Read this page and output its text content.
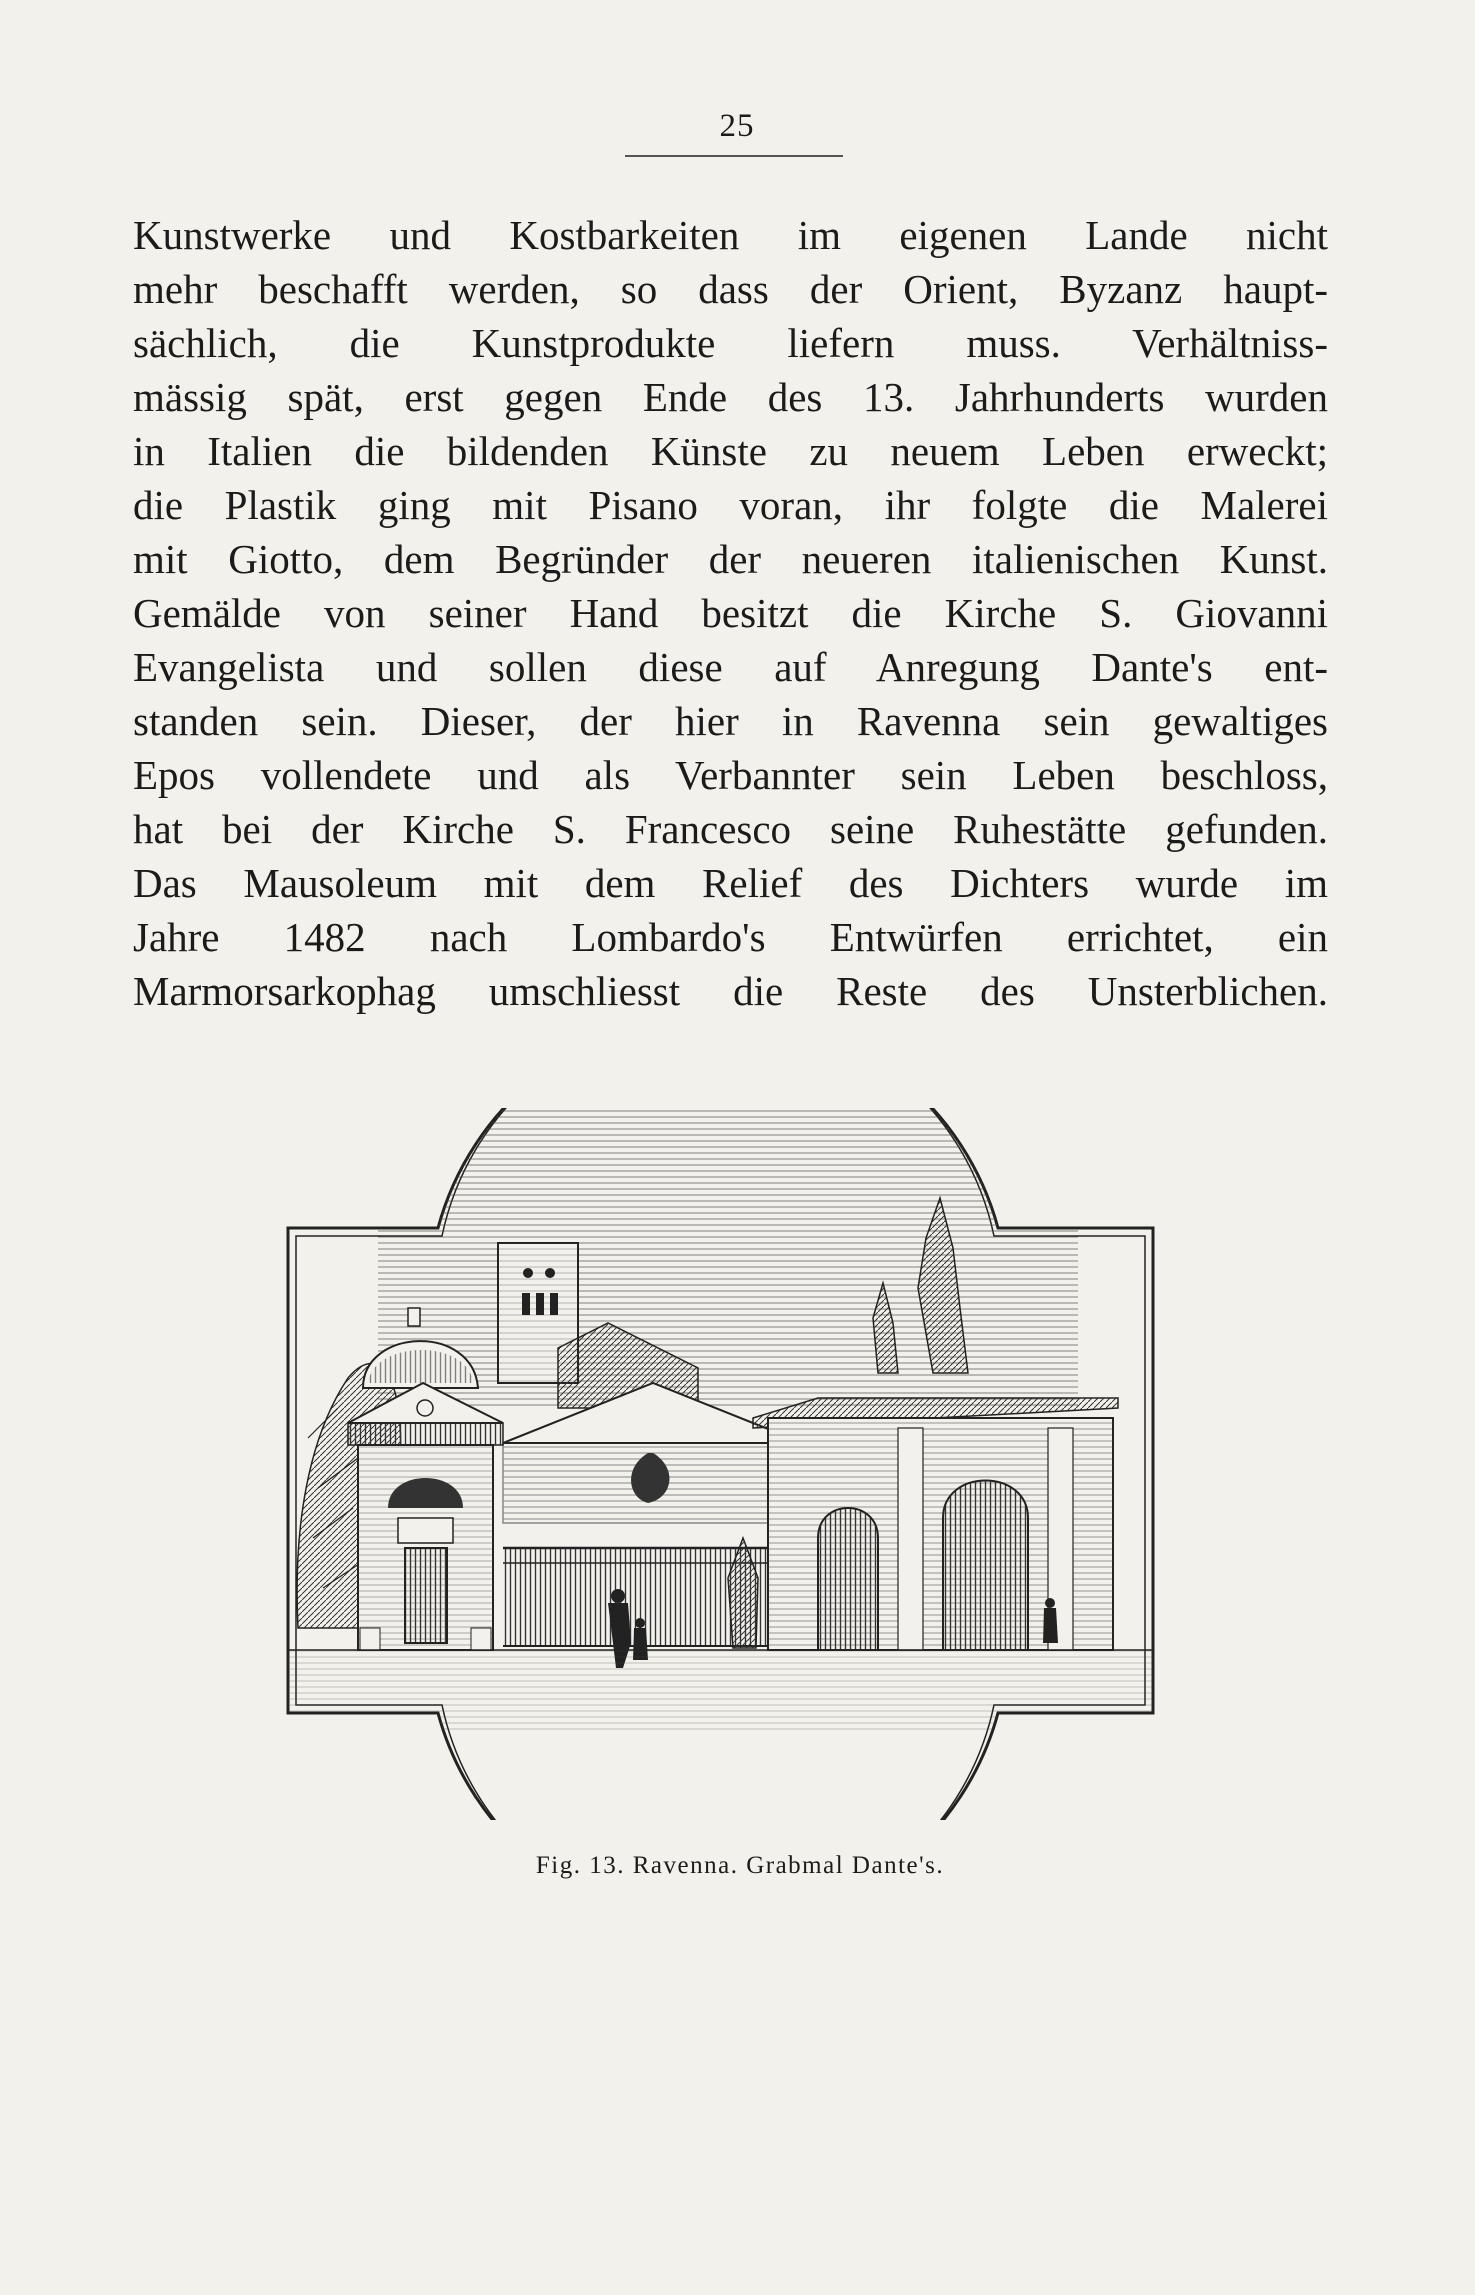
25
Kunstwerke und Kostbarkeiten im eigenen Lande nicht
mehr beschafft werden, so dass der Orient, Byzanz haupt-
sächlich, die Kunstprodukte liefern muss. Verhältniss-
mässig spät, erst gegen Ende des 13. Jahrhunderts wurden
in Italien die bildenden Künste zu neuem Leben erweckt;
die Plastik ging mit Pisano voran, ihr folgte die Malerei
mit Giotto, dem Begründer der neueren italienischen Kunst.
Gemälde von seiner Hand besitzt die Kirche S. Giovanni
Evangelista und sollen diese auf Anregung Dante's ent-
standen sein. Dieser, der hier in Ravenna sein gewaltiges
Epos vollendete und als Verbannter sein Leben beschloss,
hat bei der Kirche S. Francesco seine Ruhestätte gefunden.
Das Mausoleum mit dem Relief des Dichters wurde im
Jahre 1482 nach Lombardo's Entwürfen errichtet, ein
Marmorsarkophag umschliesst die Reste des Unsterblichen.
Fig. 13. Ravenna. Grabmal Dante's.
